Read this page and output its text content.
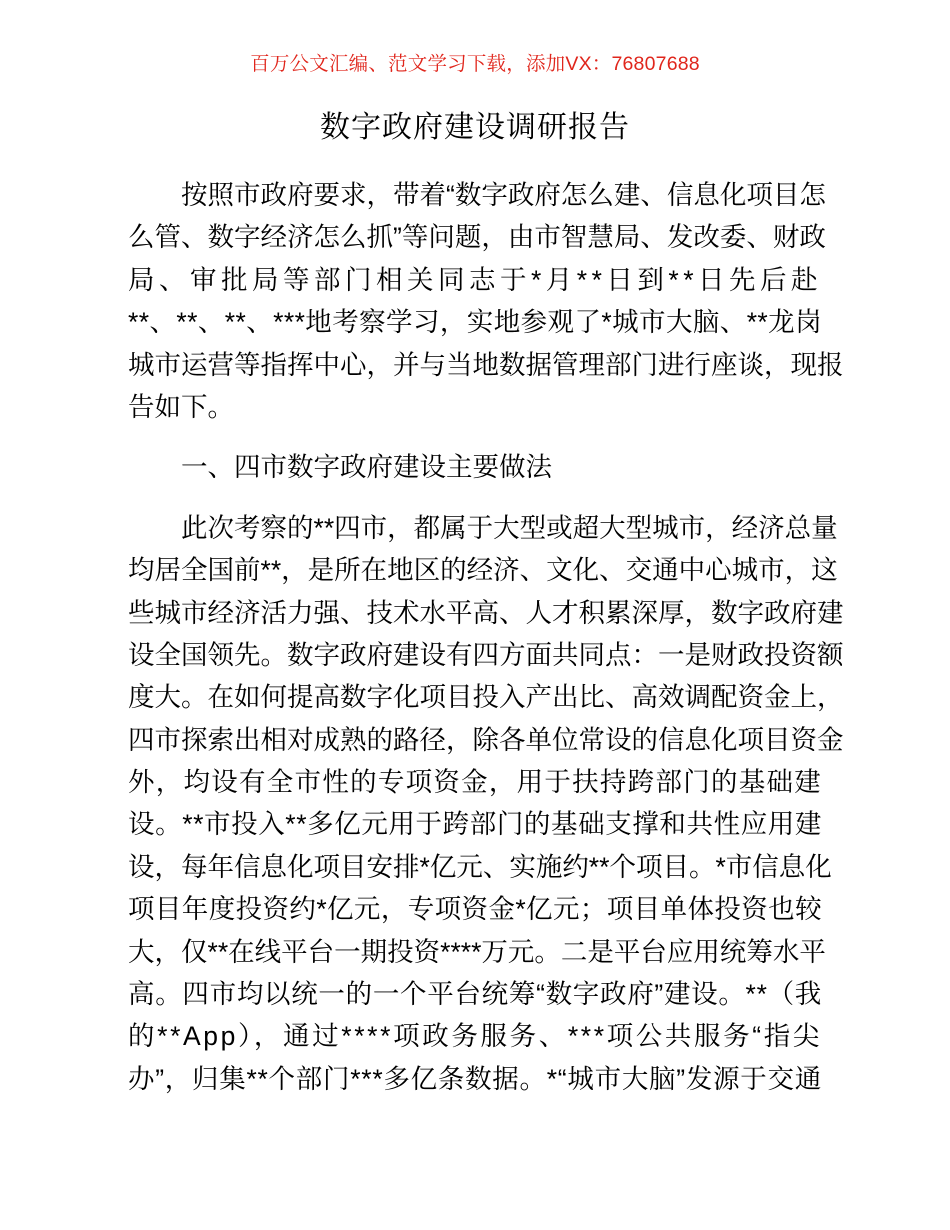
百万公文汇编、范文学习下载，添加VX：76807688
数字政府建设调研报告
按照市政府要求，带着“数字政府怎么建、信息化项目怎
么管、数字经济怎么抓”等问题，由市智慧局、发改委、财政
局、审批局等部门相关同志于*月**日到**日先后赴
**、**、**、***地考察学习，实地参观了*城市大脑、**龙岗
城市运营等指挥中心，并与当地数据管理部门进行座谈，现报
告如下。
一、四市数字政府建设主要做法
此次考察的**四市，都属于大型或超大型城市，经济总量
均居全国前**，是所在地区的经济、文化、交通中心城市，这
些城市经济活力强、技术水平高、人才积累深厚，数字政府建
设全国领先。数字政府建设有四方面共同点：一是财政投资额
度大。在如何提高数字化项目投入产出比、高效调配资金上，
四市探索出相对成熟的路径，除各单位常设的信息化项目资金
外，均设有全市性的专项资金，用于扶持跨部门的基础建
设。**市投入**多亿元用于跨部门的基础支撑和共性应用建
设，每年信息化项目安排*亿元、实施约**个项目。*市信息化
项目年度投资约*亿元，专项资金*亿元；项目单体投资也较
大，仅**在线平台一期投资****万元。二是平台应用统筹水平
高。四市均以统一的一个平台统筹“数字政府”建设。**（我
的**App），通过****项政务服务、***项公共服务“指尖
办”，归集**个部门***多亿条数据。*“城市大脑”发源于交通
